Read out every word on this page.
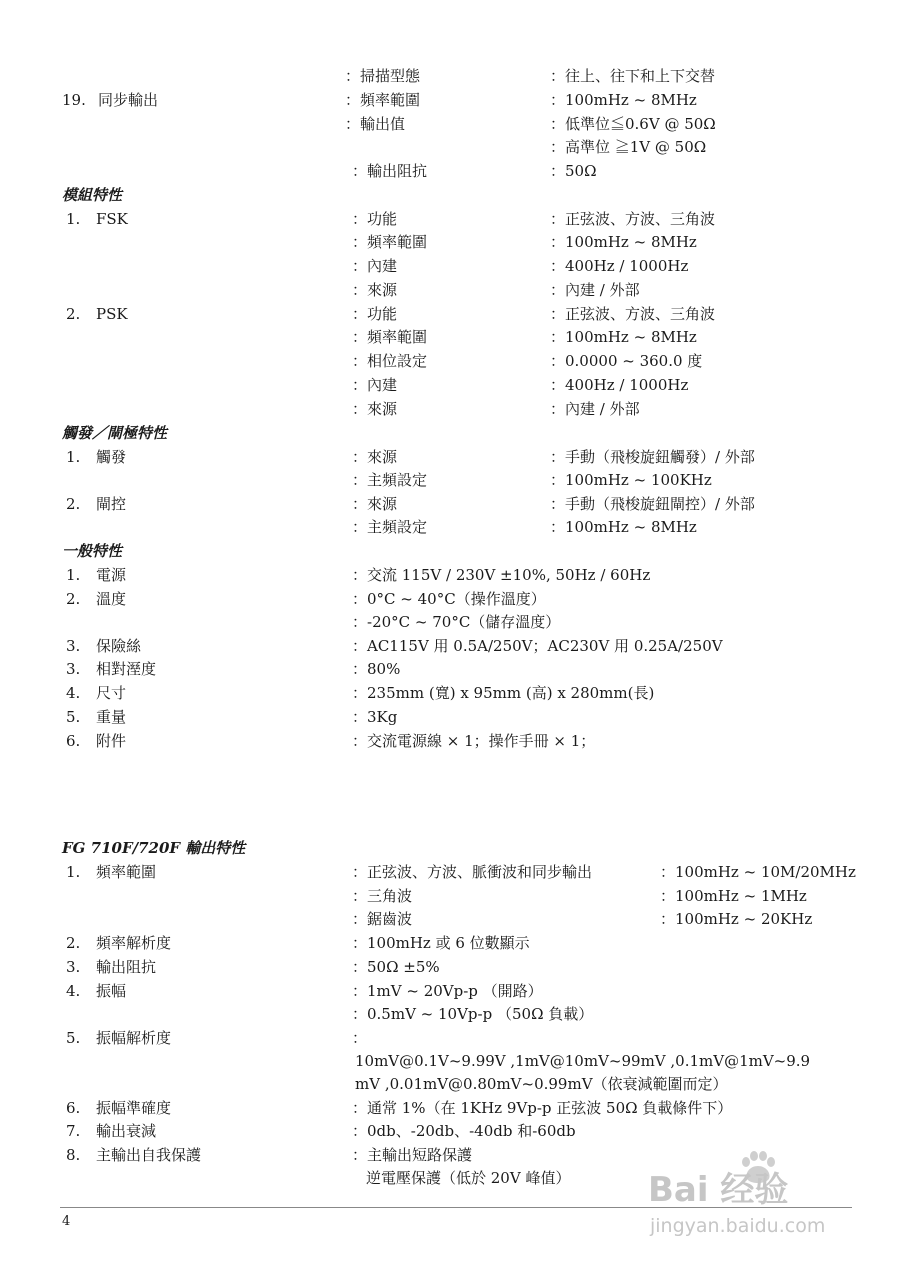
19. 同步輸出
：掃描型態	：往上、往下和上下交替
：頻率範圍	：100mHz ~ 8MHz
：輸出值	：低準位≦0.6V @ 50Ω
：高準位 ≧1V @ 50Ω
：輸出阻抗	：50Ω
模組特性
1. FSK	：功能	：正弦波、方波、三角波
：頻率範圍	：100mHz ~ 8MHz
：內建	：400Hz / 1000Hz
：來源	：內建 / 外部
2. PSK	：功能	：正弦波、方波、三角波
：頻率範圍	：100mHz ~ 8MHz
：相位設定	：0.0000 ~ 360.0 度
：內建	：400Hz / 1000Hz
：來源	：內建 / 外部
觸發／閘極特性
1. 觸發	：來源	：手動（飛梭旋鈕觸發）/ 外部
：主頻設定	：100mHz ~ 100KHz
2. 閘控	：來源	：手動（飛梭旋鈕閘控）/ 外部
：主頻設定	：100mHz ~ 8MHz
一般特性
1. 電源	：交流 115V / 230V ±10%, 50Hz / 60Hz
2. 溫度	：0°C ~ 40°C（操作溫度）
：-20°C ~ 70°C（儲存溫度）
3. 保險絲	：AC115V 用 0.5A/250V；AC230V 用 0.25A/250V
3. 相對溼度	：80%
4. 尺寸	：235mm (寬) x 95mm (高) x 280mm(長)
5. 重量	：3Kg
6. 附件	：交流電源線 × 1；操作手冊 × 1；
FG 710F/720F 輸出特性
1. 頻率範圍	：正弦波、方波、脈衝波和同步輸出	：100mHz ~ 10M/20MHz
：三角波	：100mHz ~ 1MHz
：鋸齒波	：100mHz ~ 20KHz
2. 頻率解析度	：100mHz 或 6 位數顯示
3. 輸出阻抗	：50Ω ±5%
4. 振幅	：1mV ~ 20Vp-p （開路）
：0.5mV ~ 10Vp-p （50Ω 負載）
5. 振幅解析度	：
10mV@0.1V~9.99V ,1mV@10mV~99mV ,0.1mV@1mV~9.9
mV ,0.01mV@0.80mV~0.99mV（依衰減範圍而定）
6. 振幅準確度	：通常 1%（在 1KHz 9Vp-p 正弦波 50Ω 負載條件下）
7. 輸出衰減	：0db、-20db、-40db 和-60db
8. 主輸出自我保護	：主輸出短路保護
逆電壓保護（低於 20V 峰值）
4
Bai 经验
jingyan.baidu.com
